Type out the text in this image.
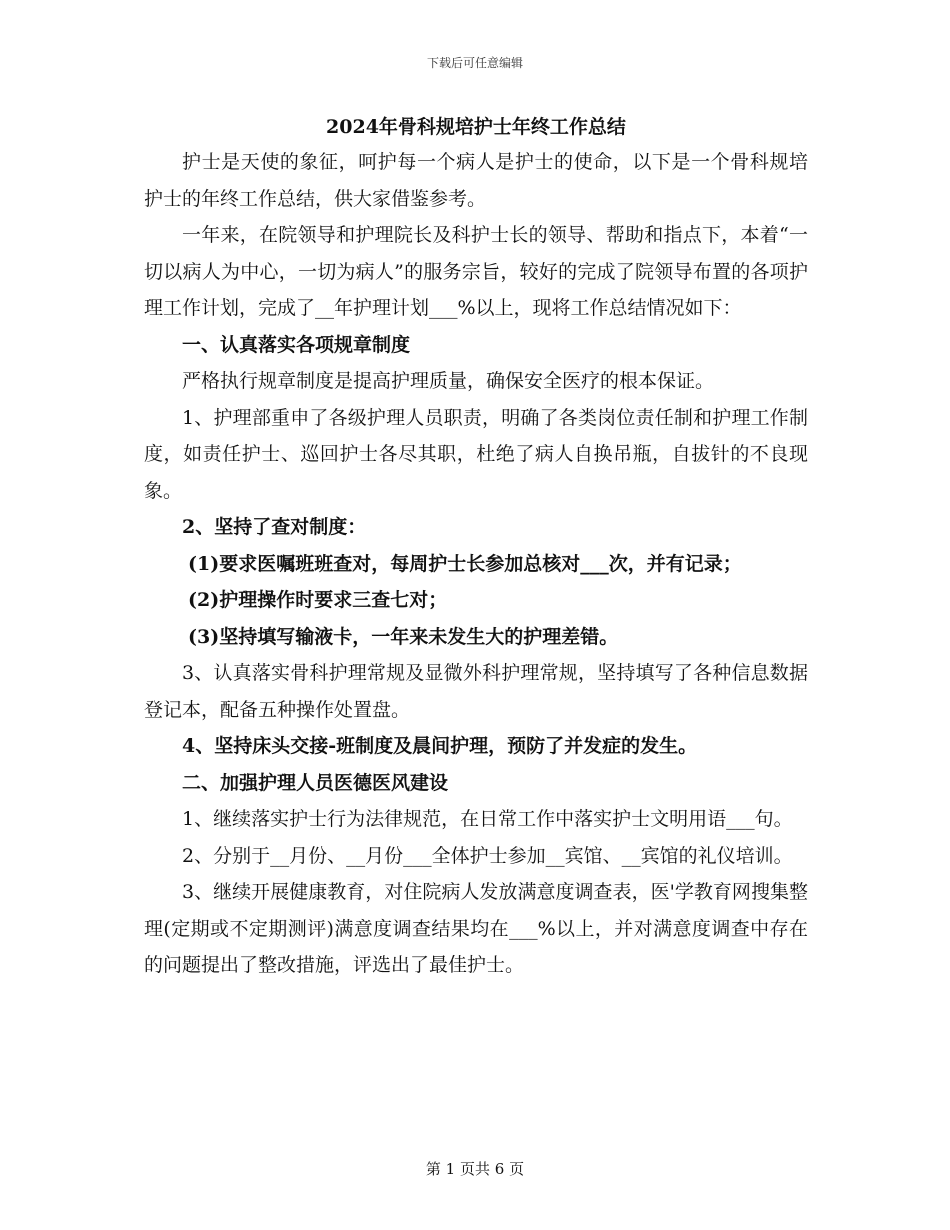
下载后可任意编辑
2024年骨科规培护士年终工作总结

护士是天使的象征，呵护每一个病人是护士的使命，以下是一个骨科规培护士的年终工作总结，供大家借鉴参考。

一年来，在院领导和护理院长及科护士长的领导、帮助和指点下，本着“一切以病人为中心，一切为病人”的服务宗旨，较好的完成了院领导布置的各项护理工作计划，完成了__年护理计划___%以上，现将工作总结情况如下：

一、认真落实各项规章制度

严格执行规章制度是提高护理质量，确保安全医疗的根本保证。

1、护理部重申了各级护理人员职责，明确了各类岗位责任制和护理工作制度，如责任护士、巡回护士各尽其职，杜绝了病人自换吊瓶，自拔针的不良现象。

2、坚持了查对制度：

(1)要求医嘱班班查对，每周护士长参加总核对___次，并有记录；

(2)护理操作时要求三查七对；

(3)坚持填写输液卡，一年来未发生大的护理差错。

3、认真落实骨科护理常规及显微外科护理常规，坚持填写了各种信息数据登记本，配备五种操作处置盘。

4、坚持床头交接-班制度及晨间护理，预防了并发症的发生。

二、加强护理人员医德医风建设

1、继续落实护士行为法律规范，在日常工作中落实护士文明用语___句。

2、分别于__月份、__月份___全体护士参加__宾馆、__宾馆的礼仪培训。

3、继续开展健康教育，对住院病人发放满意度调查表，医'学教育网搜集整理(定期或不定期测评)满意度调查结果均在___%以上，并对满意度调查中存在的问题提出了整改措施，评选出了最佳护士。

第 1 页共 6 页
